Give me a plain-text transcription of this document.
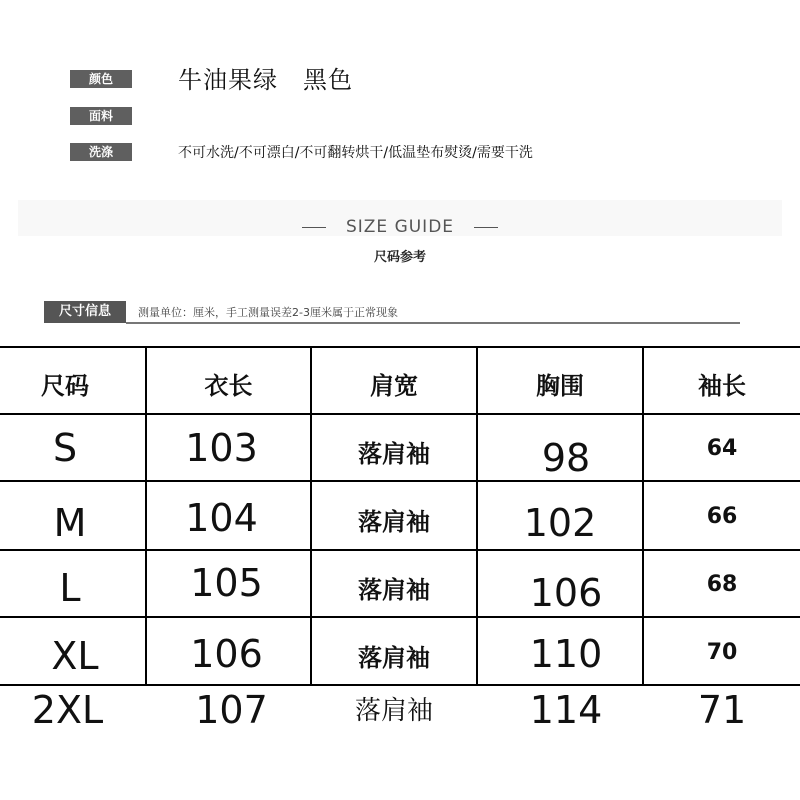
颜色	牛油果绿　黑色
面料
洗涤	不可水洗/不可漂白/不可翻转烘干/低温垫布熨烫/需要干洗
SIZE GUIDE
尺码参考
尺寸信息	测量单位：厘米，手工测量误差2-3厘米属于正常现象
尺码	衣长	肩宽	胸围	袖长
S	103	落肩袖	98	64
M	104	落肩袖	102	66
L	105	落肩袖	106	68
XL	106	落肩袖	110	70
2XL	107	落肩袖	114	71
